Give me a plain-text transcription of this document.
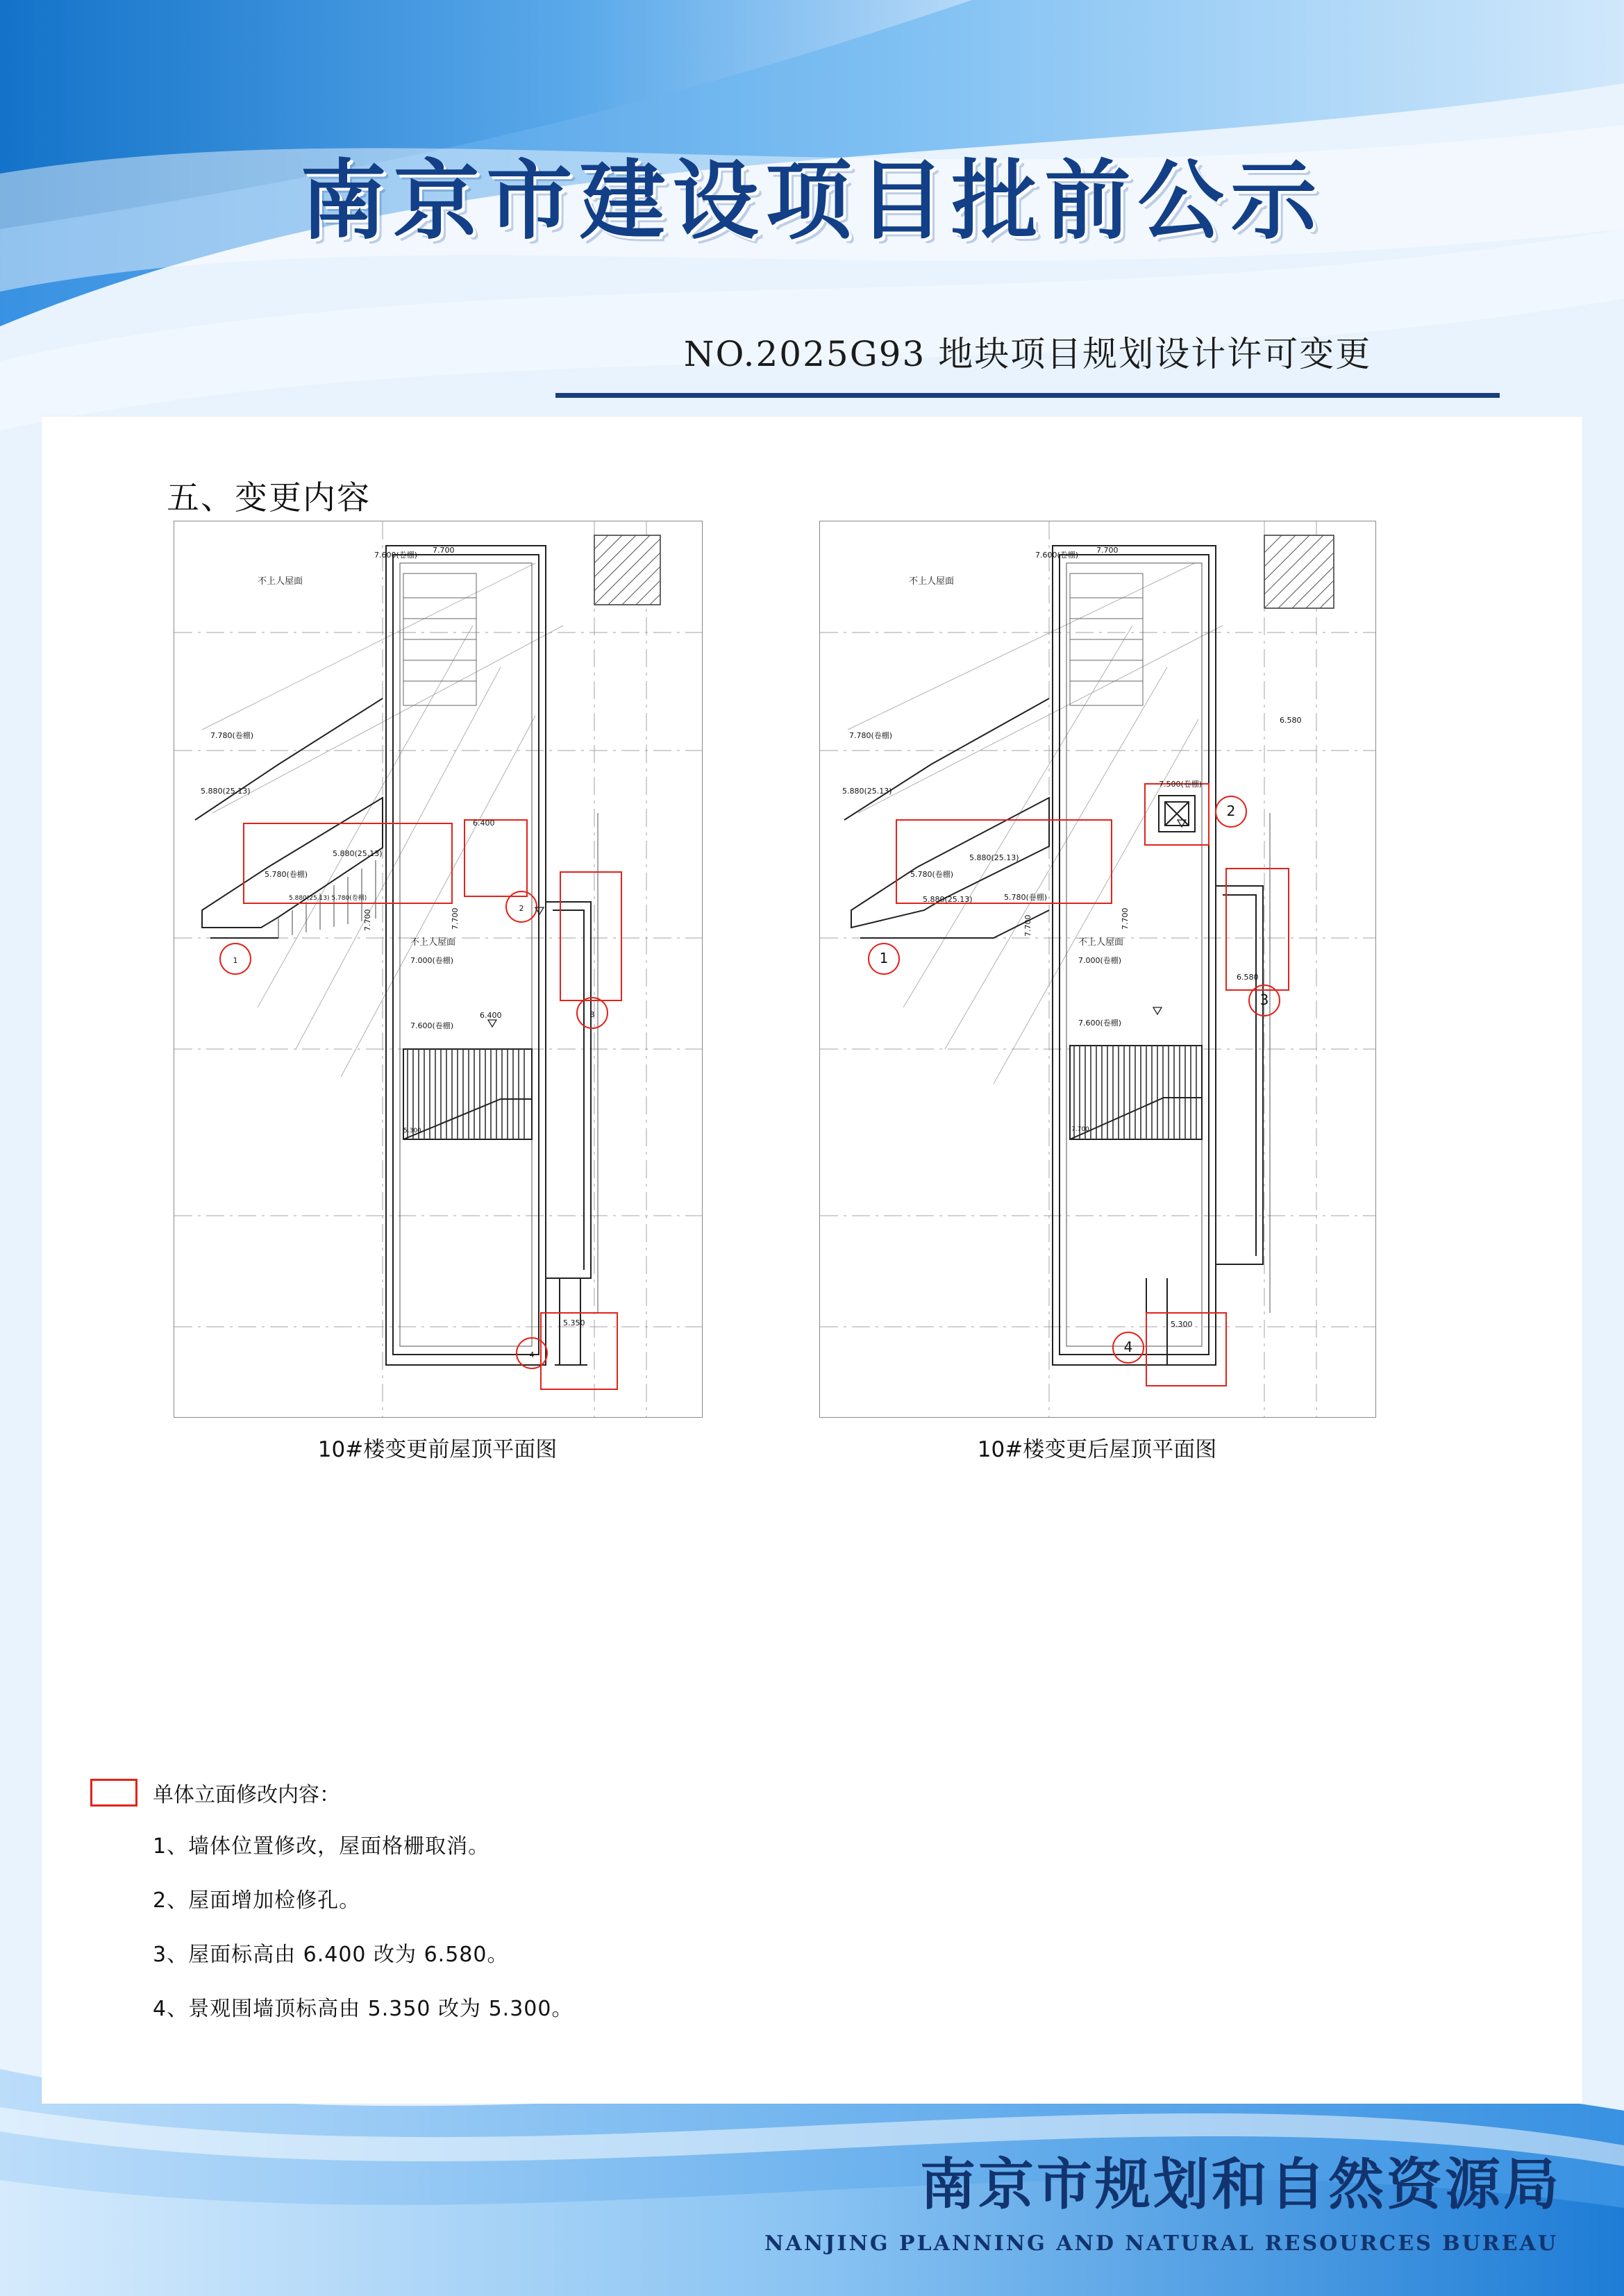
南京市建设项目批前公示
NO.2025G93 地块项目规划设计许可变更
五、变更内容
1
2
3
4
不上人屋面
7.600(卷棚)
7.700
7.780(卷棚)
5.880(25.13)
5.780(卷棚)
5.880(25.13)
5.880(25.13) 5.780(卷棚)
6.400
6.400
7.700	7.700
不上人屋面
7.000(卷棚)
7.600(卷棚)
5.350
5.300
10#楼变更前屋顶平面图
1
2
3
4
不上人屋面
7.600(卷棚)
7.700
7.780(卷棚)
5.880(25.13)
5.780(卷棚)
5.880(25.13)
5.880(25.13)	5.780(卷棚)
7.500(卷棚)
6.580
6.580
7.700	7.700
不上人屋面
7.000(卷棚)
7.600(卷棚)
5.300
7.700
10#楼变更后屋顶平面图
单体立面修改内容：
1、墙体位置修改，屋面格栅取消。
2、屋面增加检修孔。
3、屋面标高由 6.400 改为 6.580。
4、景观围墙顶标高由 5.350 改为 5.300。
南京市规划和自然资源局
NANJING PLANNING AND NATURAL RESOURCES BUREAU
